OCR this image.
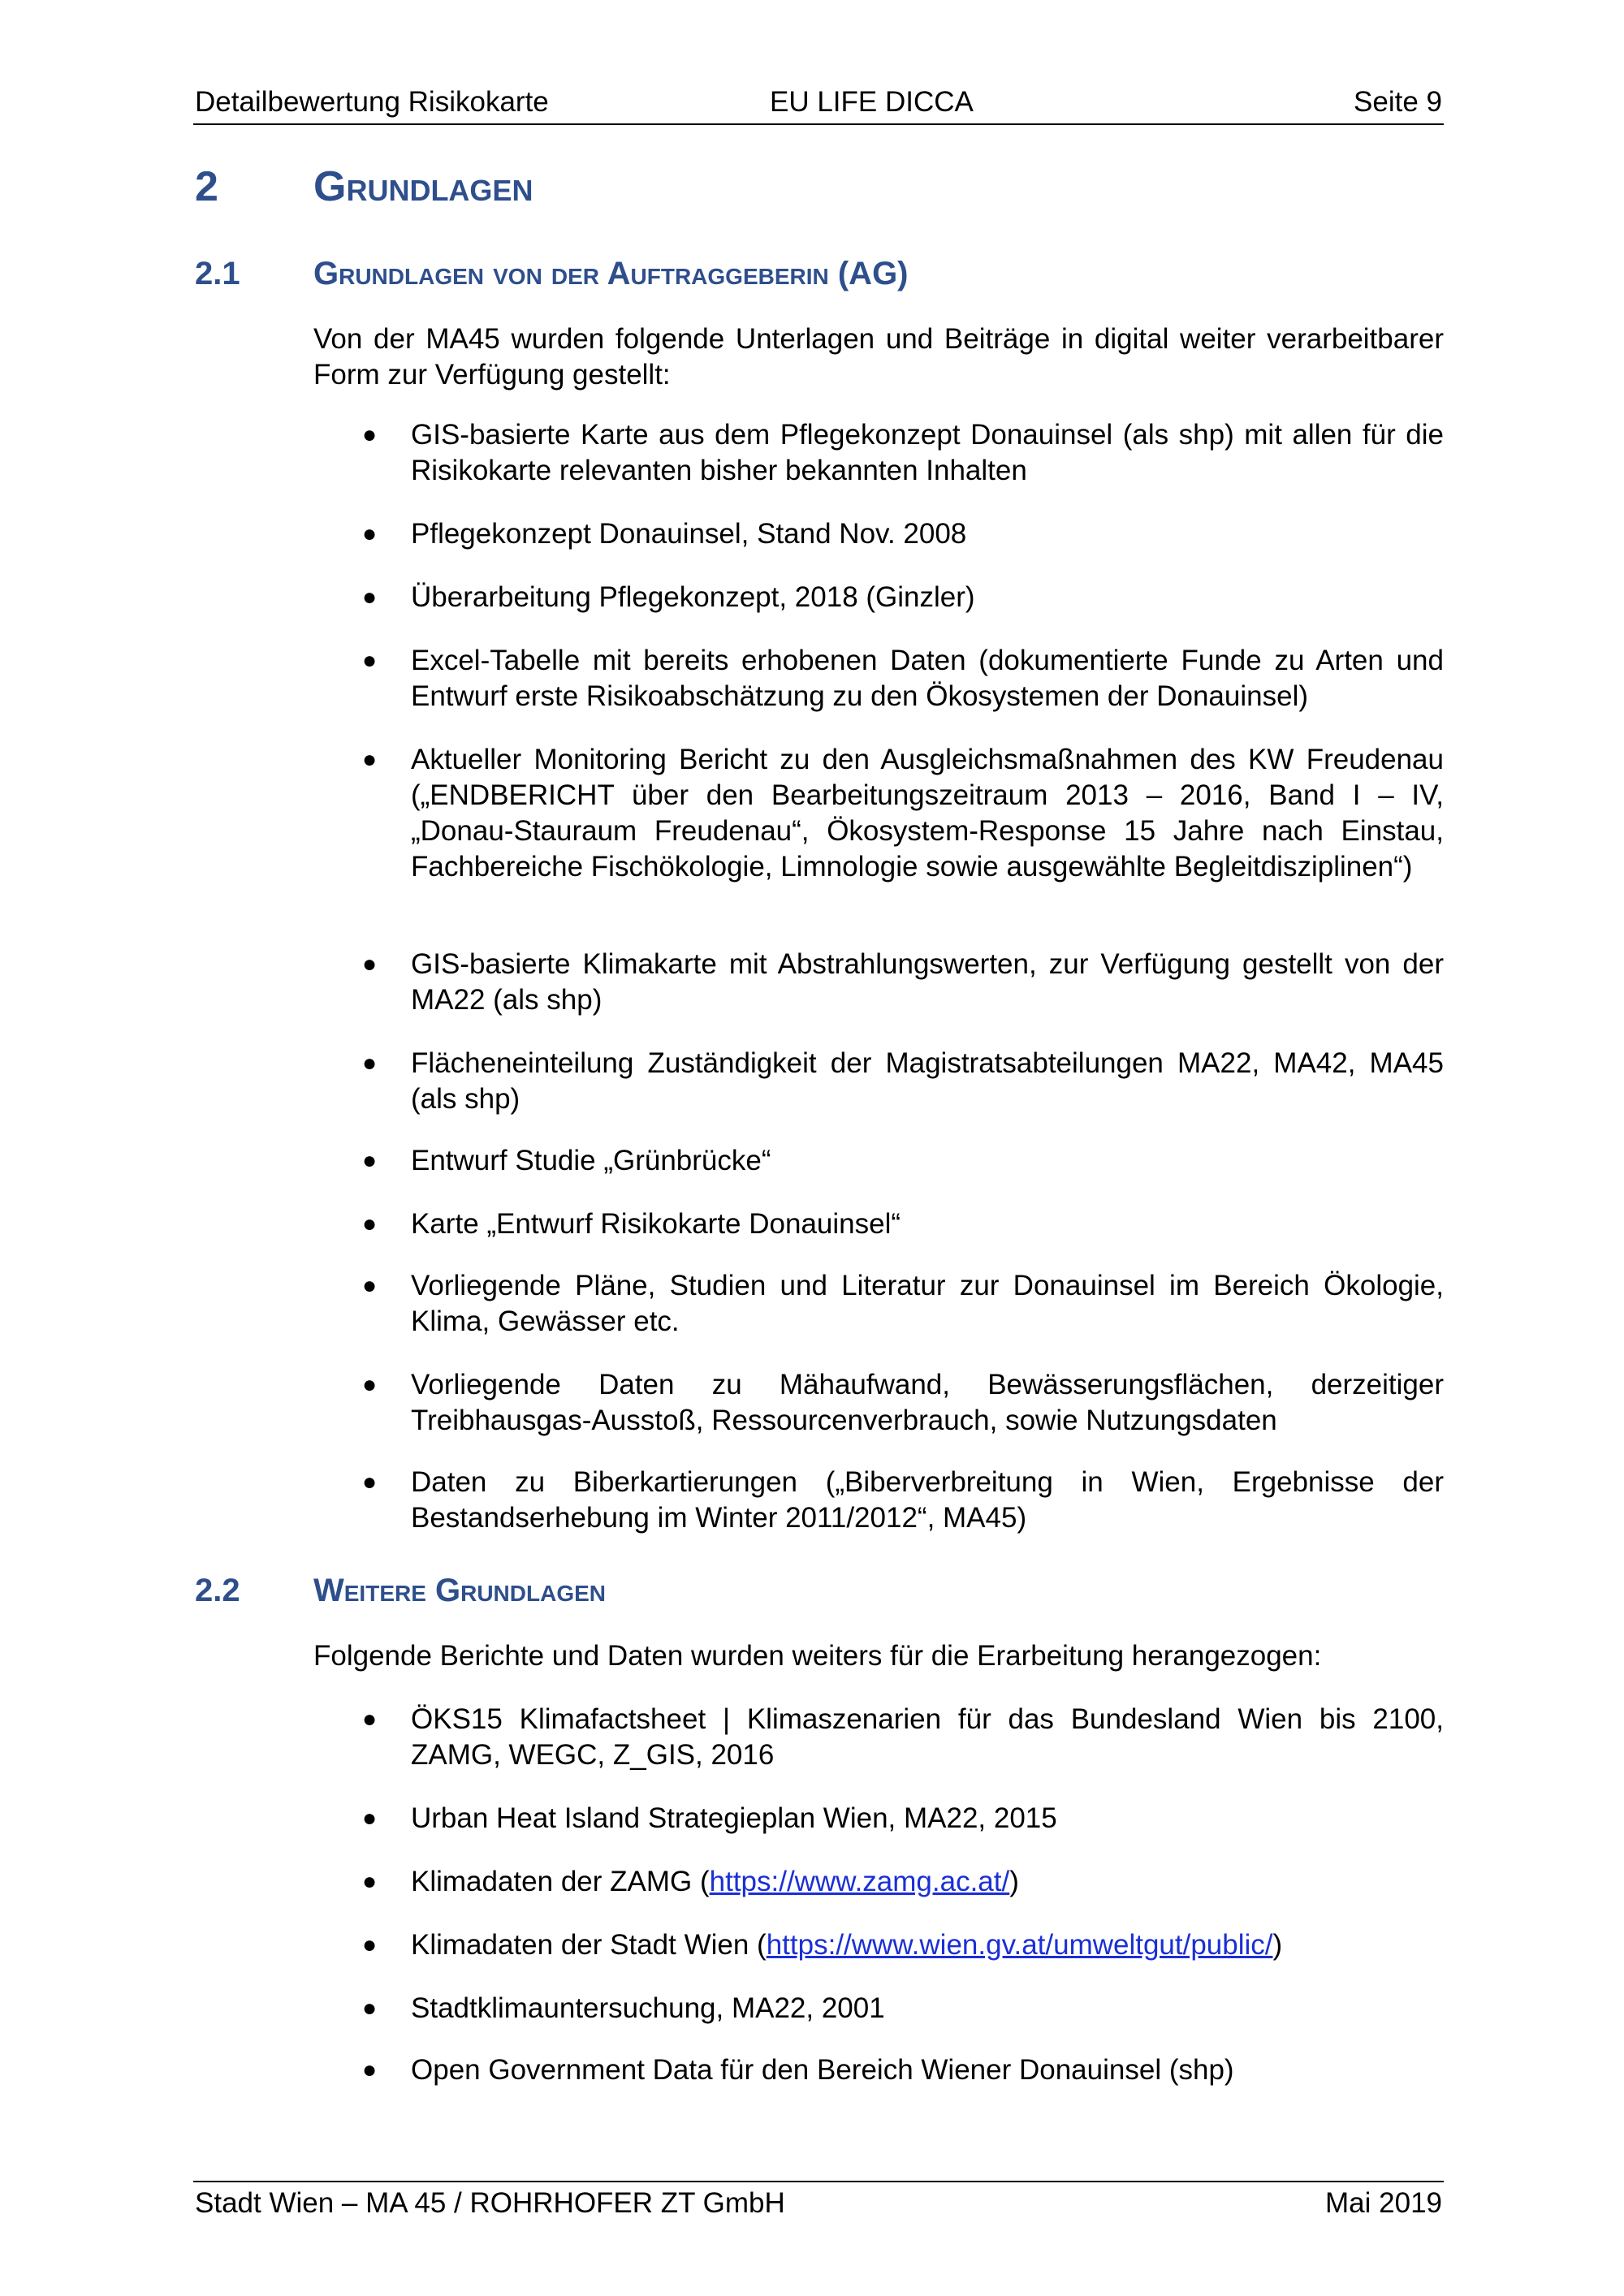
Detailbewertung Risikokarte	EU LIFE DICCA	Seite 9
2 Grundlagen
2.1 Grundlagen von der Auftraggeberin (AG)
Von der MA45 wurden folgende Unterlagen und Beiträge in digital weiter verarbeitbarer Form zur Verfügung gestellt:
● GIS-basierte Karte aus dem Pflegekonzept Donauinsel (als shp) mit allen für die Risikokarte relevanten bisher bekannten Inhalten
● Pflegekonzept Donauinsel, Stand Nov. 2008
● Überarbeitung Pflegekonzept, 2018 (Ginzler)
● Excel-Tabelle mit bereits erhobenen Daten (dokumentierte Funde zu Arten und Entwurf erste Risikoabschätzung zu den Ökosystemen der Donauinsel)
● Aktueller Monitoring Bericht zu den Ausgleichsmaßnahmen des KW Freudenau („ENDBERICHT über den Bearbeitungszeitraum 2013 – 2016, Band I – IV, „Donau-Stauraum Freudenau“, Ökosystem-Response 15 Jahre nach Einstau, Fachbereiche Fischökologie, Limnologie sowie ausgewählte Begleitdisziplinen“)
● GIS-basierte Klimakarte mit Abstrahlungswerten, zur Verfügung gestellt von der MA22 (als shp)
● Flächeneinteilung Zuständigkeit der Magistratsabteilungen MA22, MA42, MA45 (als shp)
● Entwurf Studie „Grünbrücke“
● Karte „Entwurf Risikokarte Donauinsel“
● Vorliegende Pläne, Studien und Literatur zur Donauinsel im Bereich Ökologie, Klima, Gewässer etc.
● Vorliegende Daten zu Mähaufwand, Bewässerungsflächen, derzeitiger Treibhausgas-Ausstoß, Ressourcenverbrauch, sowie Nutzungsdaten
● Daten zu Biberkartierungen („Biberverbreitung in Wien, Ergebnisse der Bestandserhebung im Winter 2011/2012“, MA45)
2.2 Weitere Grundlagen
Folgende Berichte und Daten wurden weiters für die Erarbeitung herangezogen:
● ÖKS15 Klimafactsheet | Klimaszenarien für das Bundesland Wien bis 2100, ZAMG, WEGC, Z_GIS, 2016
● Urban Heat Island Strategieplan Wien, MA22, 2015
● Klimadaten der ZAMG (https://www.zamg.ac.at/)
● Klimadaten der Stadt Wien (https://www.wien.gv.at/umweltgut/public/)
● Stadtklimauntersuchung, MA22, 2001
● Open Government Data für den Bereich Wiener Donauinsel (shp)
Stadt Wien – MA 45 / ROHRHOFER ZT GmbH	Mai 2019
